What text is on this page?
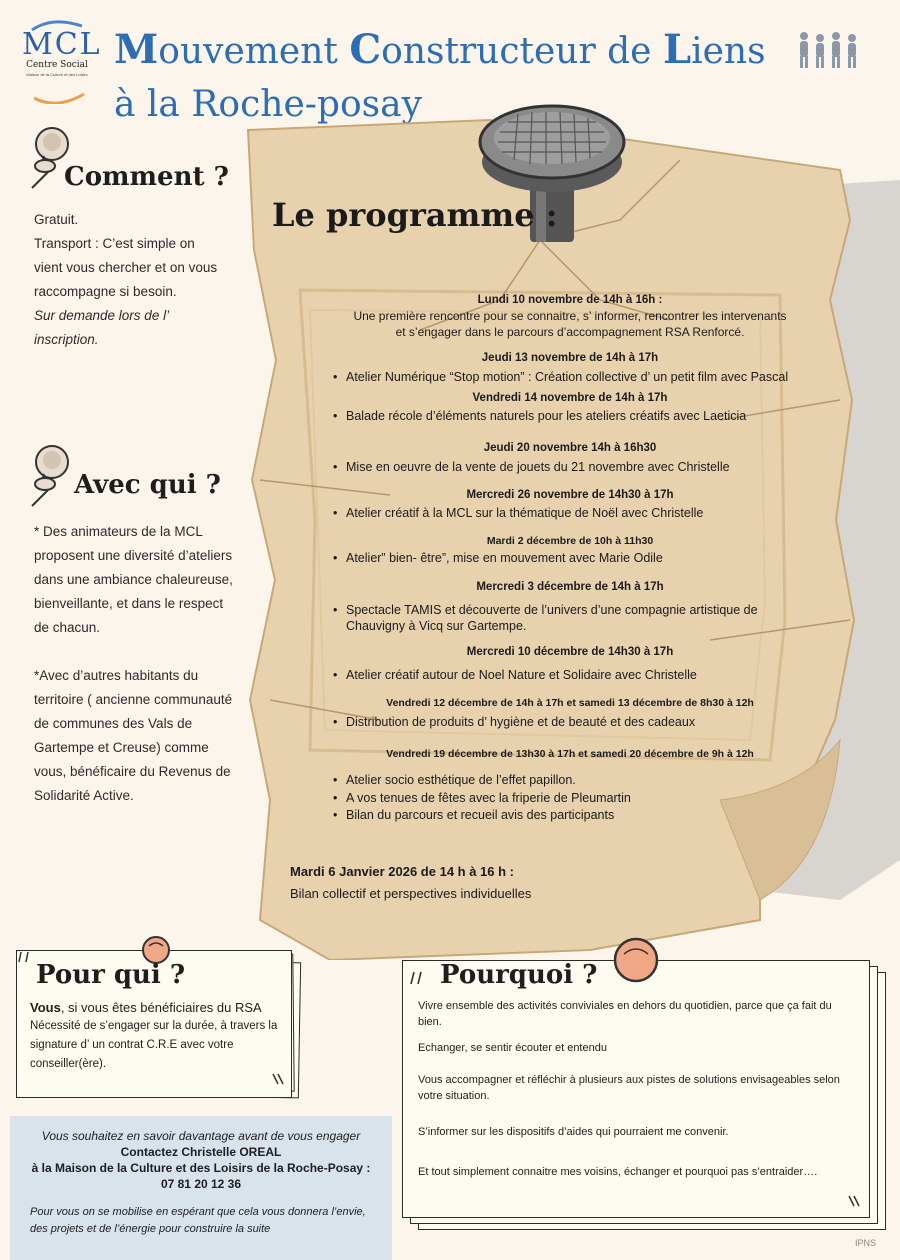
MCL
Centre Social
Maison de la Culture et des Loisirs
Mouvement Constructeur de Liens
à la Roche-posay
Comment ?
Gratuit.
Transport : C’est simple on vient vous chercher et on vous raccompagne si besoin.
Sur demande lors de l’ inscription.
Avec qui ?
* Des animateurs de la MCL proposent une diversité d’ateliers dans une ambiance chaleureuse, bienveillante, et dans le respect de chacun.
*Avec d’autres habitants du territoire ( ancienne communauté de communes des Vals de Gartempe et Creuse) comme vous, bénéficaire du Revenus de Solidarité Active.
Le programme :
Lundi 10 novembre de 14h à 16h :
Une première rencontre pour se connaitre, s’ informer, rencontrer les intervenants
et s’engager dans le parcours d’accompagnement RSA Renforcé.
Jeudi 13 novembre de 14h à 17h
• Atelier Numérique “Stop motion” : Création collective d’ un petit film avec Pascal
Vendredi 14 novembre de 14h à 17h
• Balade récole d’éléments naturels pour les ateliers créatifs avec Laeticia
Jeudi 20 novembre 14h à 16h30
• Mise en oeuvre de la vente de jouets du 21 novembre avec Christelle
Mercredi 26 novembre de 14h30 à 17h
• Atelier créatif à la MCL sur la thématique de Noël avec Christelle
Mardi 2 décembre de 10h à 11h30
• Atelier” bien- être”, mise en mouvement avec Marie Odile
Mercredi 3 décembre de 14h à 17h
• Spectacle TAMIS et découverte de l’univers d’une compagnie artistique de
Chauvigny à Vicq sur Gartempe.
Mercredi 10 décembre de 14h30 à 17h
• Atelier créatif autour de Noel Nature et Solidaire avec Christelle
Vendredi 12 décembre de 14h à 17h et samedi 13 décembre de 8h30 à 12h
• Distribution de produits d’ hygiène et de beauté et des cadeaux
Vendredi 19 décembre de 13h30 à 17h et samedi 20 décembre de 9h à 12h
• Atelier socio esthétique de l’effet papillon.
• A vos tenues de fêtes avec la friperie de Pleumartin
• Bilan du parcours et recueil avis des participants
Mardi 6 Janvier 2026 de 14 h à 16 h :
Bilan collectif et perspectives individuelles
Pour qui ?
Vous, si vous êtes bénéficiaires du RSA
Nécessité de s’engager sur la durée, à travers la signature d’ un contrat C.R.E avec votre conseiller(ère).
Vous souhaitez en savoir davantage avant de vous engager
Contactez Christelle OREAL
à la Maison de la Culture et des Loisirs de la Roche-Posay :
07 81 20 12 36
Pour vous on se mobilise en espérant que cela vous donnera l’envie, des projets et de l’énergie pour construire la suite
Pourquoi ?
Vivre ensemble des activités conviviales en dehors du quotidien, parce que ça fait du bien.
Echanger, se sentir écouter et entendu
Vous accompagner et réfléchir à plusieurs aux pistes de solutions envisageables selon votre situation.
S’informer sur les dispositifs d’aides qui pourraient me convenir.
Et tout simplement connaitre mes voisins, échanger et pourquoi pas s’entraider….
IPNS
